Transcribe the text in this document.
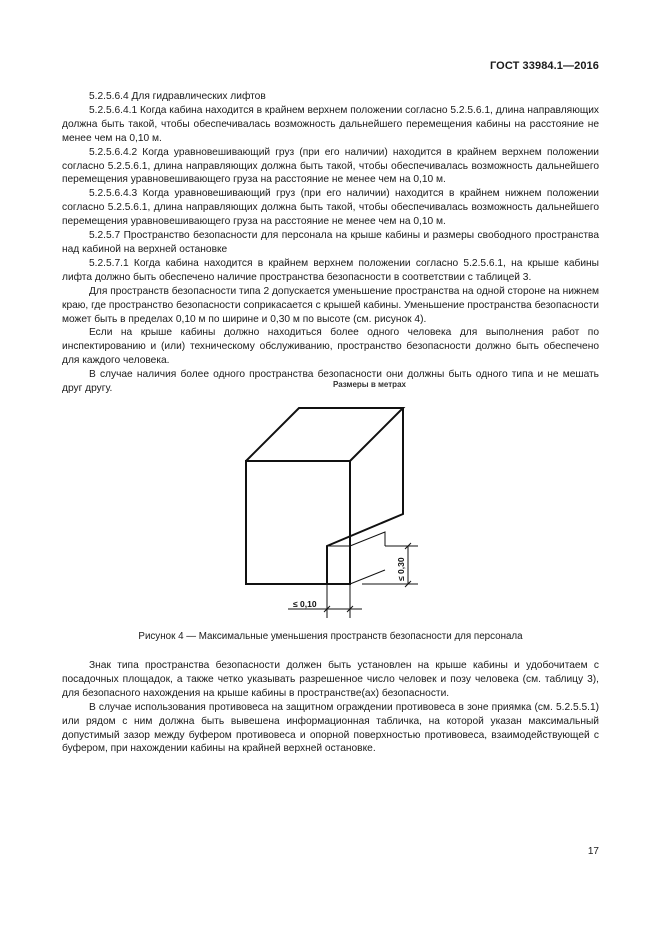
ГОСТ 33984.1—2016

5.2.5.6.4 Для гидравлических лифтов

5.2.5.6.4.1 Когда кабина находится в крайнем верхнем положении согласно 5.2.5.6.1, длина направляющих должна быть такой, чтобы обеспечивалась возможность дальнейшего перемещения кабины на расстояние не менее чем на 0,10 м.

5.2.5.6.4.2 Когда уравновешивающий груз (при его наличии) находится в крайнем верхнем положении согласно 5.2.5.6.1, длина направляющих должна быть такой, чтобы обеспечивалась возможность дальнейшего перемещения уравновешивающего груза на расстояние не менее чем на 0,10 м.

5.2.5.6.4.3 Когда уравновешивающий груз (при его наличии) находится в крайнем нижнем положении согласно 5.2.5.6.1, длина направляющих должна быть такой, чтобы обеспечивалась возможность дальнейшего перемещения уравновешивающего груза на расстояние не менее чем на 0,10 м.

5.2.5.7 Пространство безопасности для персонала на крыше кабины и размеры свободного пространства над кабиной на верхней остановке

5.2.5.7.1 Когда кабина находится в крайнем верхнем положении согласно 5.2.5.6.1, на крыше кабины лифта должно быть обеспечено наличие пространства безопасности в соответствии с таблицей 3.

Для пространств безопасности типа 2 допускается уменьшение пространства на одной стороне на нижнем краю, где пространство безопасности соприкасается с крышей кабины. Уменьшение пространства безопасности может быть в пределах 0,10 м по ширине и 0,30 м по высоте (см. рисунок 4).

Если на крыше кабины должно находиться более одного человека для выполнения работ по инспектированию и (или) техническому обслуживанию, пространство безопасности должно быть обеспечено для каждого человека.

В случае наличия более одного пространства безопасности они должны быть одного типа и не мешать друг другу.	Размеры в метрах
≤ 0,30
≤ 0,10
Рисунок 4 — Максимальные уменьшения пространств безопасности для персонала

Знак типа пространства безопасности должен быть установлен на крыше кабины и удобочитаем с посадочных площадок, а также четко указывать разрешенное число человек и позу человека (см. таблицу 3), для безопасного нахождения на крыше кабины в пространстве(ах) безопасности.

В случае использования противовеса на защитном ограждении противовеса в зоне приямка (см. 5.2.5.5.1) или рядом с ним должна быть вывешена информационная табличка, на которой указан максимальный допустимый зазор между буфером противовеса и опорной поверхностью противовеса, взаимодействующей с буфером, при нахождении кабины на крайней верхней остановке.

17
